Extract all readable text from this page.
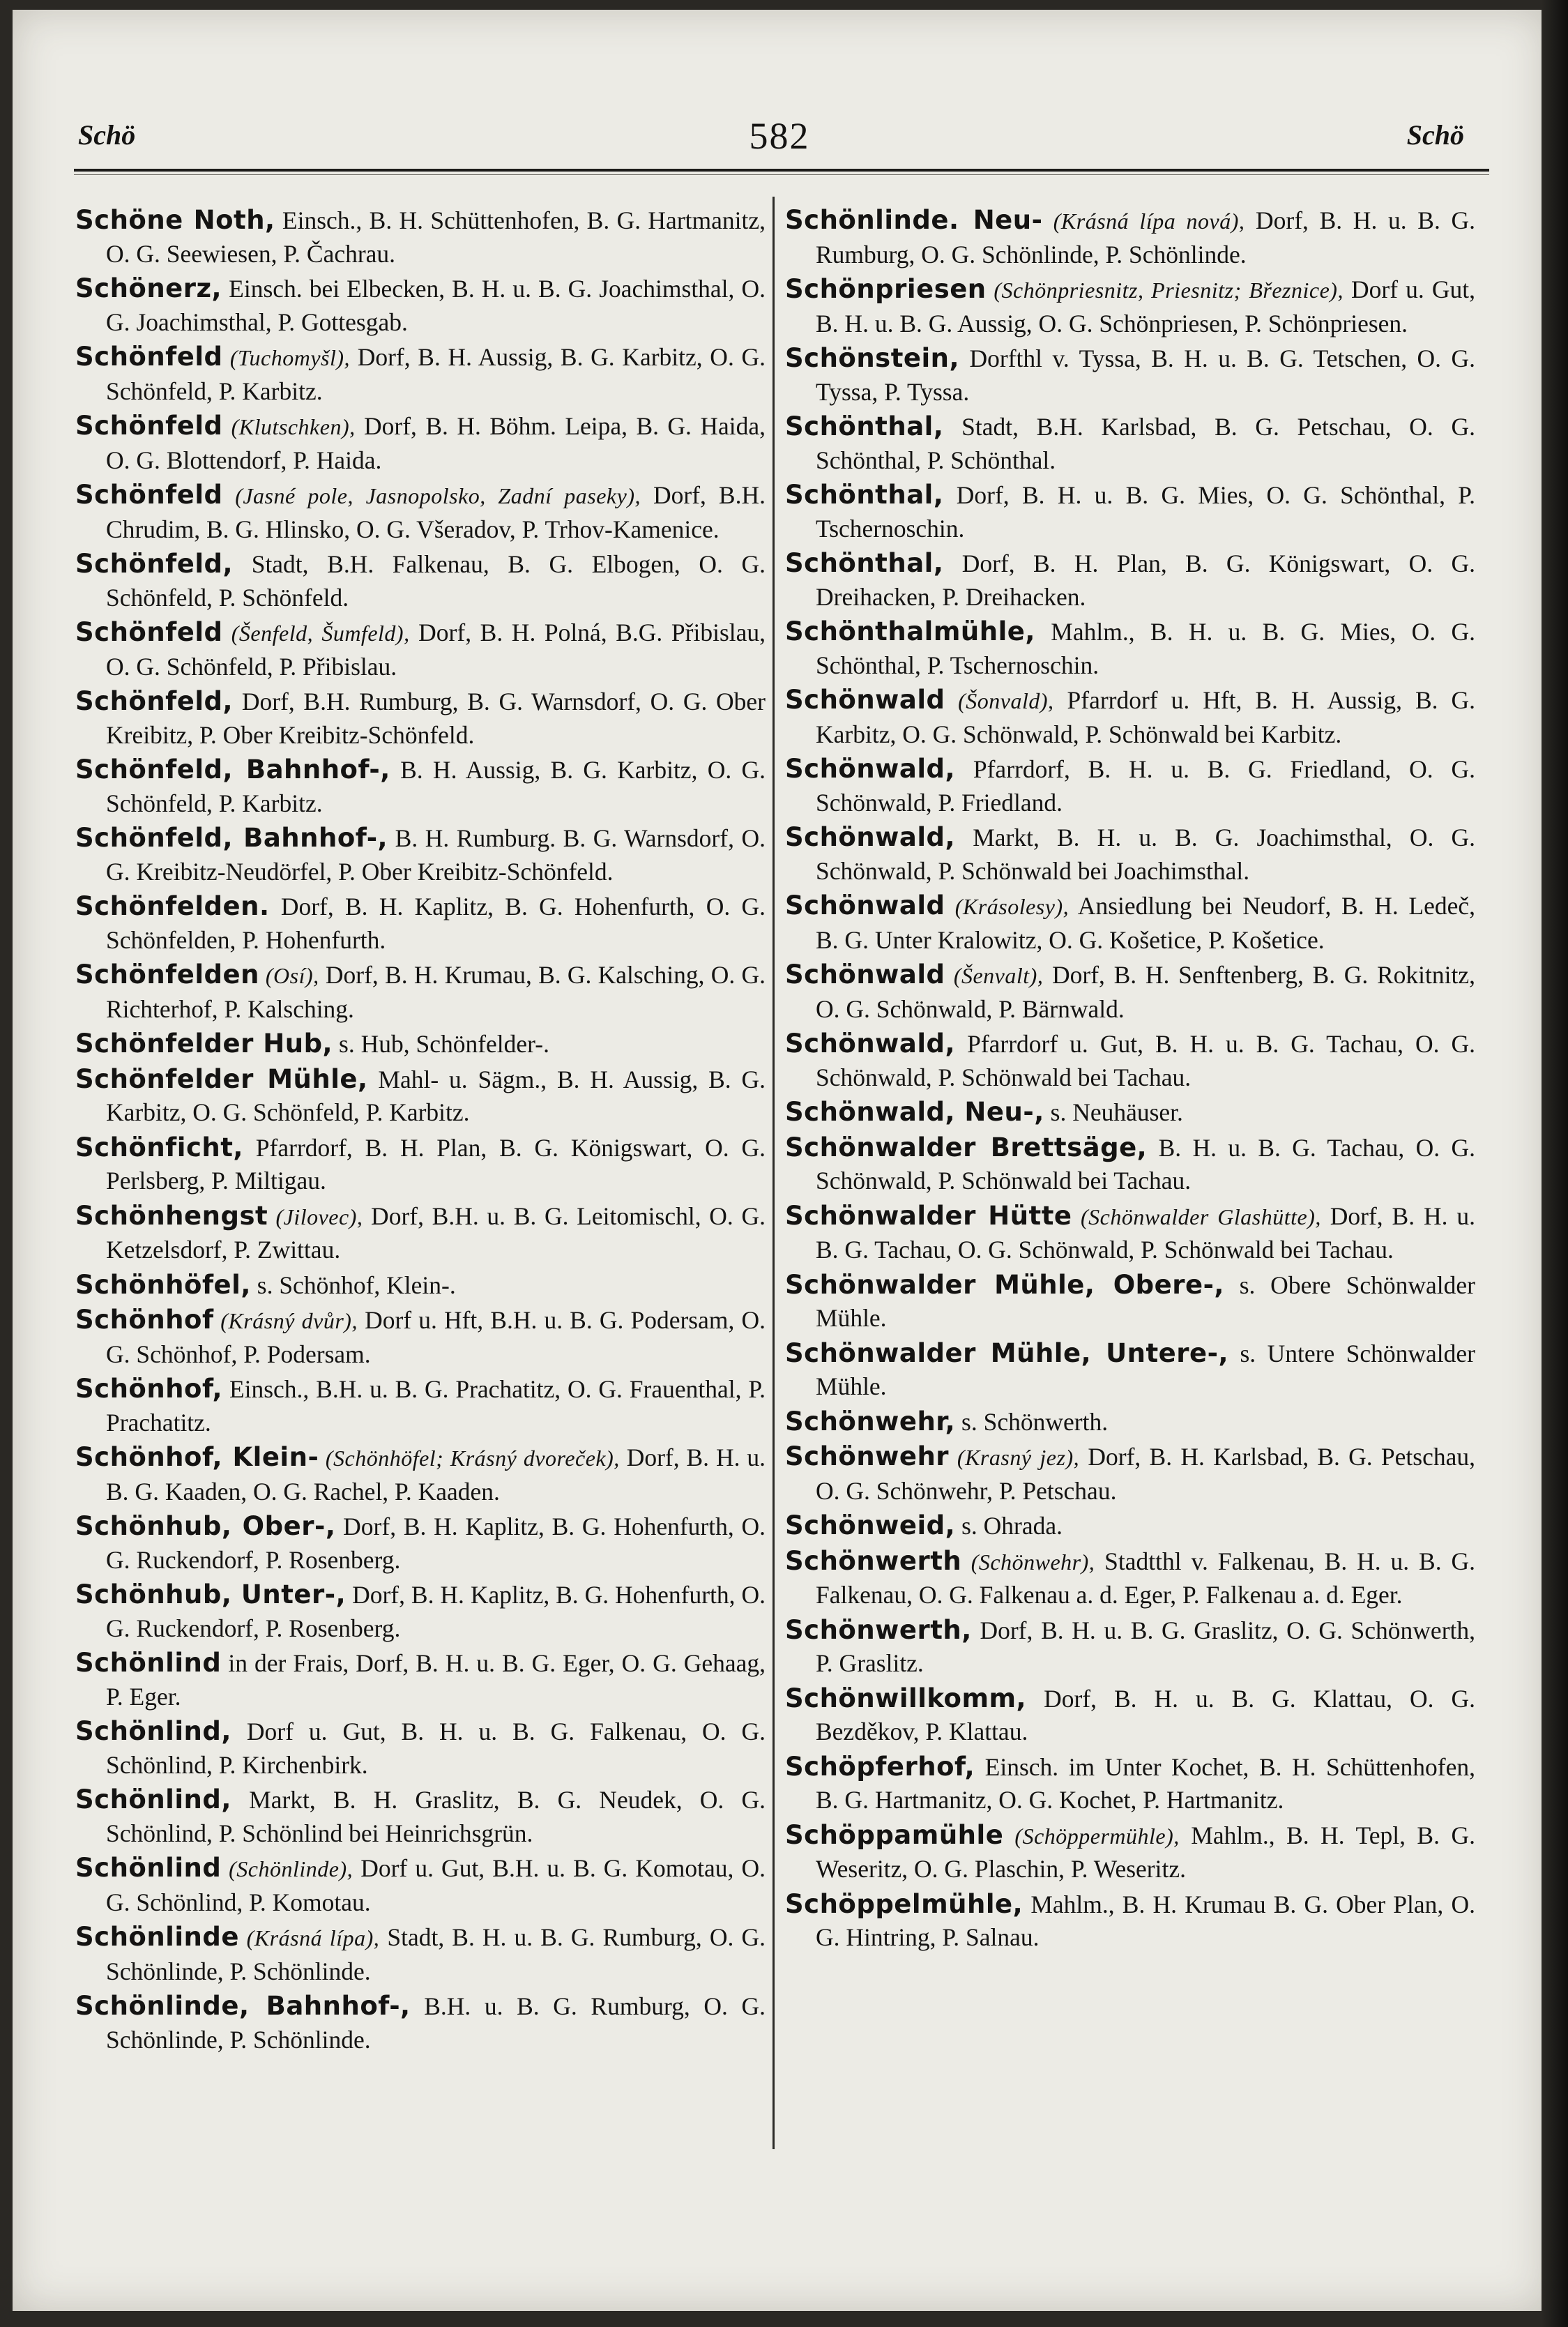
Schö	582	Schö
Schöne Noth, Einsch., B. H. Schüttenhofen, B. G. Hartmanitz, O. G. Seewiesen, P. Čachrau.
Schönerz, Einsch. bei Elbecken, B. H. u. B. G. Joachimsthal, O. G. Joachimsthal, P. Gottesgab.
Schönfeld (Tuchomyšl), Dorf, B. H. Aussig, B. G. Karbitz, O. G. Schönfeld, P. Karbitz.
Schönfeld (Klutschken), Dorf, B. H. Böhm. Leipa, B. G. Haida, O. G. Blottendorf, P. Haida.
Schönfeld (Jasné pole, Jasnopolsko, Zadní paseky), Dorf, B.H. Chrudim, B. G. Hlinsko, O. G. Všeradov, P. Trhov-Kamenice.
Schönfeld, Stadt, B.H. Falkenau, B. G. Elbogen, O. G. Schönfeld, P. Schönfeld.
Schönfeld (Šenfeld, Šumfeld), Dorf, B. H. Polná, B.G. Přibislau, O. G. Schönfeld, P. Přibislau.
Schönfeld, Dorf, B.H. Rumburg, B. G. Warnsdorf, O. G. Ober Kreibitz, P. Ober Kreibitz-Schönfeld.
Schönfeld, Bahnhof-, B. H. Aussig, B. G. Karbitz, O. G. Schönfeld, P. Karbitz.
Schönfeld, Bahnhof-, B. H. Rumburg. B. G. Warnsdorf, O. G. Kreibitz-Neudörfel, P. Ober Kreibitz-Schönfeld.
Schönfelden. Dorf, B. H. Kaplitz, B. G. Hohenfurth, O. G. Schönfelden, P. Hohenfurth.
Schönfelden (Osí), Dorf, B. H. Krumau, B. G. Kalsching, O. G. Richterhof, P. Kalsching.
Schönfelder Hub, s. Hub, Schönfelder-.
Schönfelder Mühle, Mahl- u. Sägm., B. H. Aussig, B. G. Karbitz, O. G. Schönfeld, P. Karbitz.
Schönficht, Pfarrdorf, B. H. Plan, B. G. Königswart, O. G. Perlsberg, P. Miltigau.
Schönhengst (Jilovec), Dorf, B.H. u. B. G. Leitomischl, O. G. Ketzelsdorf, P. Zwittau.
Schönhöfel, s. Schönhof, Klein-.
Schönhof (Krásný dvůr), Dorf u. Hft, B.H. u. B. G. Podersam, O. G. Schönhof, P. Podersam.
Schönhof, Einsch., B.H. u. B. G. Prachatitz, O. G. Frauenthal, P. Prachatitz.
Schönhof, Klein- (Schönhöfel; Krásný dvoreček), Dorf, B. H. u. B. G. Kaaden, O. G. Rachel, P. Kaaden.
Schönhub, Ober-, Dorf, B. H. Kaplitz, B. G. Hohenfurth, O. G. Ruckendorf, P. Rosenberg.
Schönhub, Unter-, Dorf, B. H. Kaplitz, B. G. Hohenfurth, O. G. Ruckendorf, P. Rosenberg.
Schönlind in der Frais, Dorf, B. H. u. B. G. Eger, O. G. Gehaag, P. Eger.
Schönlind, Dorf u. Gut, B. H. u. B. G. Falkenau, O. G. Schönlind, P. Kirchenbirk.
Schönlind, Markt, B. H. Graslitz, B. G. Neudek, O. G. Schönlind, P. Schönlind bei Heinrichsgrün.
Schönlind (Schönlinde), Dorf u. Gut, B.H. u. B. G. Komotau, O. G. Schönlind, P. Komotau.
Schönlinde (Krásná lípa), Stadt, B. H. u. B. G. Rumburg, O. G. Schönlinde, P. Schönlinde.
Schönlinde, Bahnhof-, B.H. u. B. G. Rumburg, O. G. Schönlinde, P. Schönlinde.
Schönlinde. Neu- (Krásná lípa nová), Dorf, B. H. u. B. G. Rumburg, O. G. Schönlinde, P. Schönlinde.
Schönpriesen (Schönpriesnitz, Priesnitz; Březnice), Dorf u. Gut, B. H. u. B. G. Aussig, O. G. Schönpriesen, P. Schönpriesen.
Schönstein, Dorfthl v. Tyssa, B. H. u. B. G. Tetschen, O. G. Tyssa, P. Tyssa.
Schönthal, Stadt, B.H. Karlsbad, B. G. Petschau, O. G. Schönthal, P. Schönthal.
Schönthal, Dorf, B. H. u. B. G. Mies, O. G. Schönthal, P. Tschernoschin.
Schönthal, Dorf, B. H. Plan, B. G. Königswart, O. G. Dreihacken, P. Dreihacken.
Schönthalmühle, Mahlm., B. H. u. B. G. Mies, O. G. Schönthal, P. Tschernoschin.
Schönwald (Šonvald), Pfarrdorf u. Hft, B. H. Aussig, B. G. Karbitz, O. G. Schönwald, P. Schönwald bei Karbitz.
Schönwald, Pfarrdorf, B. H. u. B. G. Friedland, O. G. Schönwald, P. Friedland.
Schönwald, Markt, B. H. u. B. G. Joachimsthal, O. G. Schönwald, P. Schönwald bei Joachimsthal.
Schönwald (Krásolesy), Ansiedlung bei Neudorf, B. H. Ledeč, B. G. Unter Kralowitz, O. G. Košetice, P. Košetice.
Schönwald (Šenvalt), Dorf, B. H. Senftenberg, B. G. Rokitnitz, O. G. Schönwald, P. Bärnwald.
Schönwald, Pfarrdorf u. Gut, B. H. u. B. G. Tachau, O. G. Schönwald, P. Schönwald bei Tachau.
Schönwald, Neu-, s. Neuhäuser.
Schönwalder Brettsäge, B. H. u. B. G. Tachau, O. G. Schönwald, P. Schönwald bei Tachau.
Schönwalder Hütte (Schönwalder Glashütte), Dorf, B. H. u. B. G. Tachau, O. G. Schönwald, P. Schönwald bei Tachau.
Schönwalder Mühle, Obere-, s. Obere Schönwalder Mühle.
Schönwalder Mühle, Untere-, s. Untere Schönwalder Mühle.
Schönwehr, s. Schönwerth.
Schönwehr (Krasný jez), Dorf, B. H. Karlsbad, B. G. Petschau, O. G. Schönwehr, P. Petschau.
Schönweid, s. Ohrada.
Schönwerth (Schönwehr), Stadtthl v. Falkenau, B. H. u. B. G. Falkenau, O. G. Falkenau a. d. Eger, P. Falkenau a. d. Eger.
Schönwerth, Dorf, B. H. u. B. G. Graslitz, O. G. Schönwerth, P. Graslitz.
Schönwillkomm, Dorf, B. H. u. B. G. Klattau, O. G. Bezděkov, P. Klattau.
Schöpferhof, Einsch. im Unter Kochet, B. H. Schüttenhofen, B. G. Hartmanitz, O. G. Kochet, P. Hartmanitz.
Schöppamühle (Schöppermühle), Mahlm., B. H. Tepl, B. G. Weseritz, O. G. Plaschin, P. Weseritz.
Schöppelmühle, Mahlm., B. H. Krumau B. G. Ober Plan, O. G. Hintring, P. Salnau.
